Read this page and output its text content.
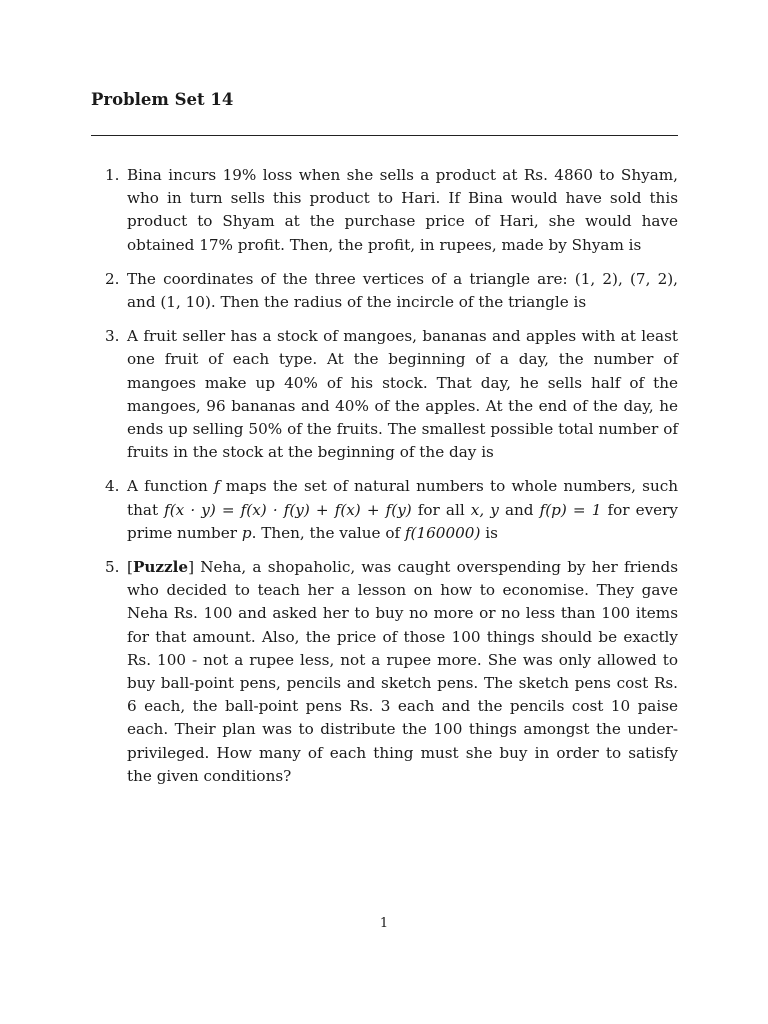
Problem Set 14
1. Bina incurs 19% loss when she sells a product at Rs. 4860 to Shyam, who in turn sells this product to Hari. If Bina would have sold this product to Shyam at the purchase price of Hari, she would have obtained 17% profit. Then, the profit, in rupees, made by Shyam is
2. The coordinates of the three vertices of a triangle are: (1, 2), (7, 2), and (1, 10). Then the radius of the incircle of the triangle is
3. A fruit seller has a stock of mangoes, bananas and apples with at least one fruit of each type. At the beginning of a day, the number of mangoes make up 40% of his stock. That day, he sells half of the mangoes, 96 bananas and 40% of the apples. At the end of the day, he ends up selling 50% of the fruits. The smallest possible total number of fruits in the stock at the beginning of the day is
4. A function f maps the set of natural numbers to whole numbers, such that f(x · y) = f(x) · f(y) + f(x) + f(y) for all x, y and f(p) = 1 for every prime number p. Then, the value of f(160000) is
5. [Puzzle] Neha, a shopaholic, was caught overspending by her friends who decided to teach her a lesson on how to economise. They gave Neha Rs. 100 and asked her to buy no more or no less than 100 items for that amount. Also, the price of those 100 things should be exactly Rs. 100 - not a rupee less, not a rupee more. She was only allowed to buy ball-point pens, pencils and sketch pens. The sketch pens cost Rs. 6 each, the ball-point pens Rs. 3 each and the pencils cost 10 paise each. Their plan was to distribute the 100 things amongst the under-privileged. How many of each thing must she buy in order to satisfy the given conditions?
1
